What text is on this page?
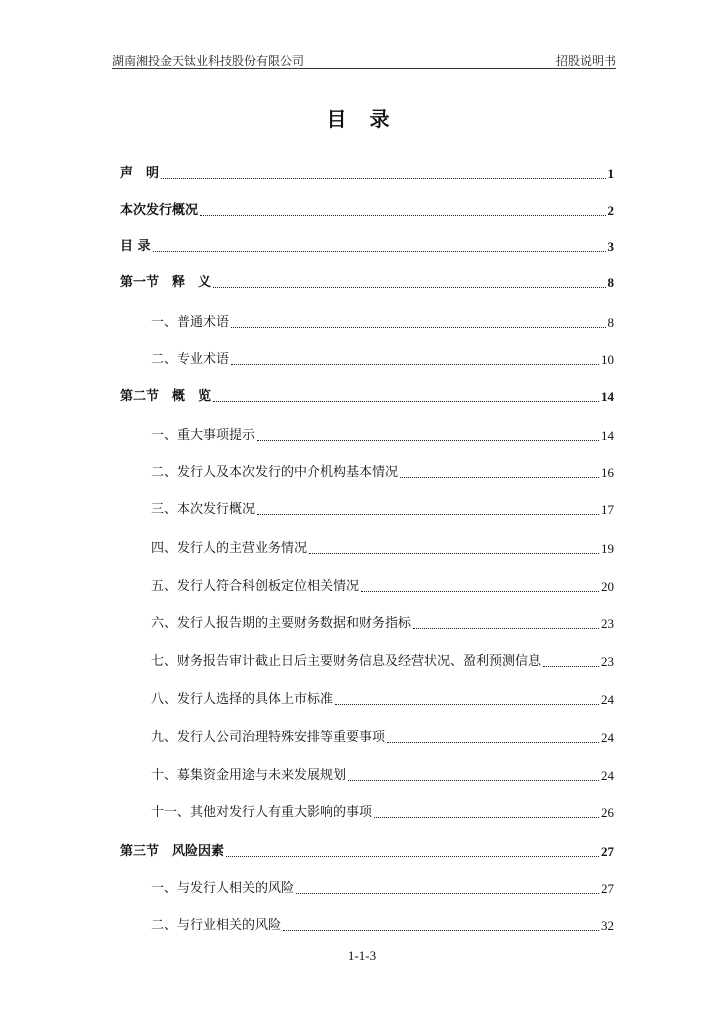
湖南湘投金天钛业科技股份有限公司	招股说明书
目 录
声　明	1
本次发行概况	2
目 录	3
第一节　释　义	8
一、普通术语	8
二、专业术语	10
第二节　概　览	14
一、重大事项提示	14
二、发行人及本次发行的中介机构基本情况	16
三、本次发行概况	17
四、发行人的主营业务情况	19
五、发行人符合科创板定位相关情况	20
六、发行人报告期的主要财务数据和财务指标	23
七、财务报告审计截止日后主要财务信息及经营状况、盈利预测信息	23
八、发行人选择的具体上市标准	24
九、发行人公司治理特殊安排等重要事项	24
十、募集资金用途与未来发展规划	24
十一、其他对发行人有重大影响的事项	26
第三节　风险因素	27
一、与发行人相关的风险	27
二、与行业相关的风险	32
1-1-3
